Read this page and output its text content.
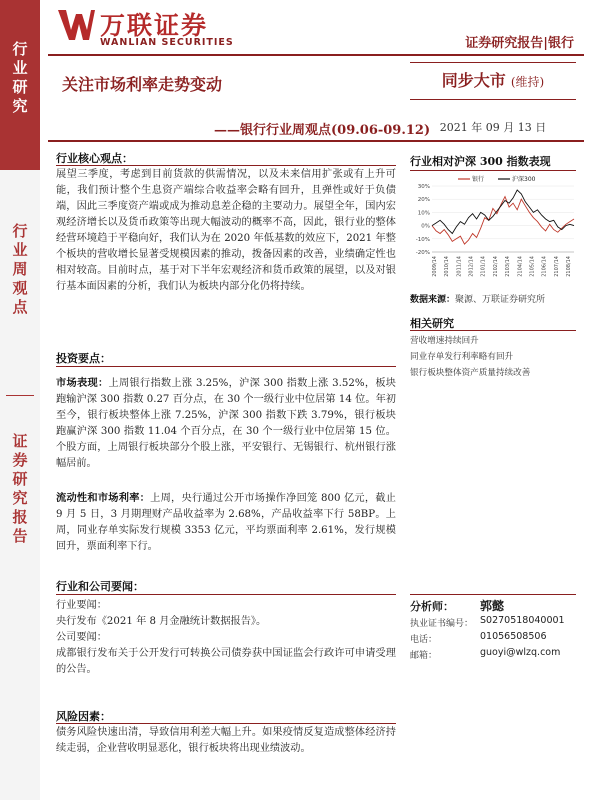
行
业
研
究
行
业
周
观
点
证
券
研
究
报
告
万联证券
WANLIAN SECURITIES	证券研究报告|银行
关注市场利率走势变动
——银行行业周观点(09.06-09.12)
同步大市 (维持)
2021 年 09 月 13 日
行业核心观点：
展望三季度，考虑到目前货款的供需情况，以及未来信用扩张或有上升可能，我们预计整个生息资产端综合收益率会略有回升，且弹性或好于负债端，因此三季度资产端或成为推动息差企稳的主要动力。展望全年，国内宏观经济增长以及货币政策等出现大幅波动的概率不高，因此，银行业的整体经营环境趋于平稳向好，我们认为在 2020 年低基数的效应下，2021 年整个板块的营收增长显著受规模因素的推动，拨备因素的改善，业绩确定性也相对较高。目前时点，基于对下半年宏观经济和货币政策的展望，以及对银行基本面因素的分析，我们认为板块内部分化仍将持续。
投资要点：
市场表现：上周银行指数上涨 3.25%，沪深 300 指数上涨 3.52%，板块跑输沪深 300 指数 0.27 百分点，在 30 个一级行业中位居第 14 位。年初至今，银行板块整体上涨 7.25%，沪深 300 指数下跌 3.79%，银行板块跑赢沪深 300 指数 11.04 个百分点，在 30 个一级行业中位居第 15 位。个股方面，上周银行板块部分个股上涨，平安银行、无锡银行、杭州银行涨幅居前。
流动性和市场利率：上周，央行通过公开市场操作净回笼 800 亿元，截止 9 月 5 日，3 月期理财产品收益率为 2.68%，产品收益率下行 58BP。上周，同业存单实际发行规模 3353 亿元，平均票面利率 2.61%，发行规模回升，票面利率下行。
行业和公司要闻：
行业要闻：
央行发布《2021 年 8 月金融统计数据报告》。
公司要闻：
成都银行发布关于公开发行可转换公司债券获中国证监会行政许可申请受理的公告。
风险因素：
债务风险快速出清，导致信用利差大幅上升。如果疫情反复造成整体经济持续走弱，企业营收明显恶化，银行板块将出现业绩波动。
行业相对沪深 300 指数表现
30%
20%
10%
0%
-10%
-20%
2009/14 2010/14 2011/14 2012/14 2101/14 2102/14 2103/14 2104/14 2105/14 2106/14 2107/14 2108/14
银行	沪深300
数据来源：聚源、万联证券研究所
相关研究
营收增速持续回升
同业存单发行利率略有回升
银行板块整体资产质量持续改善
分析师： 郭懿
执业证书编号： S0270518040001
电话：	01056508506
邮箱：	guoyi@wlzq.com
